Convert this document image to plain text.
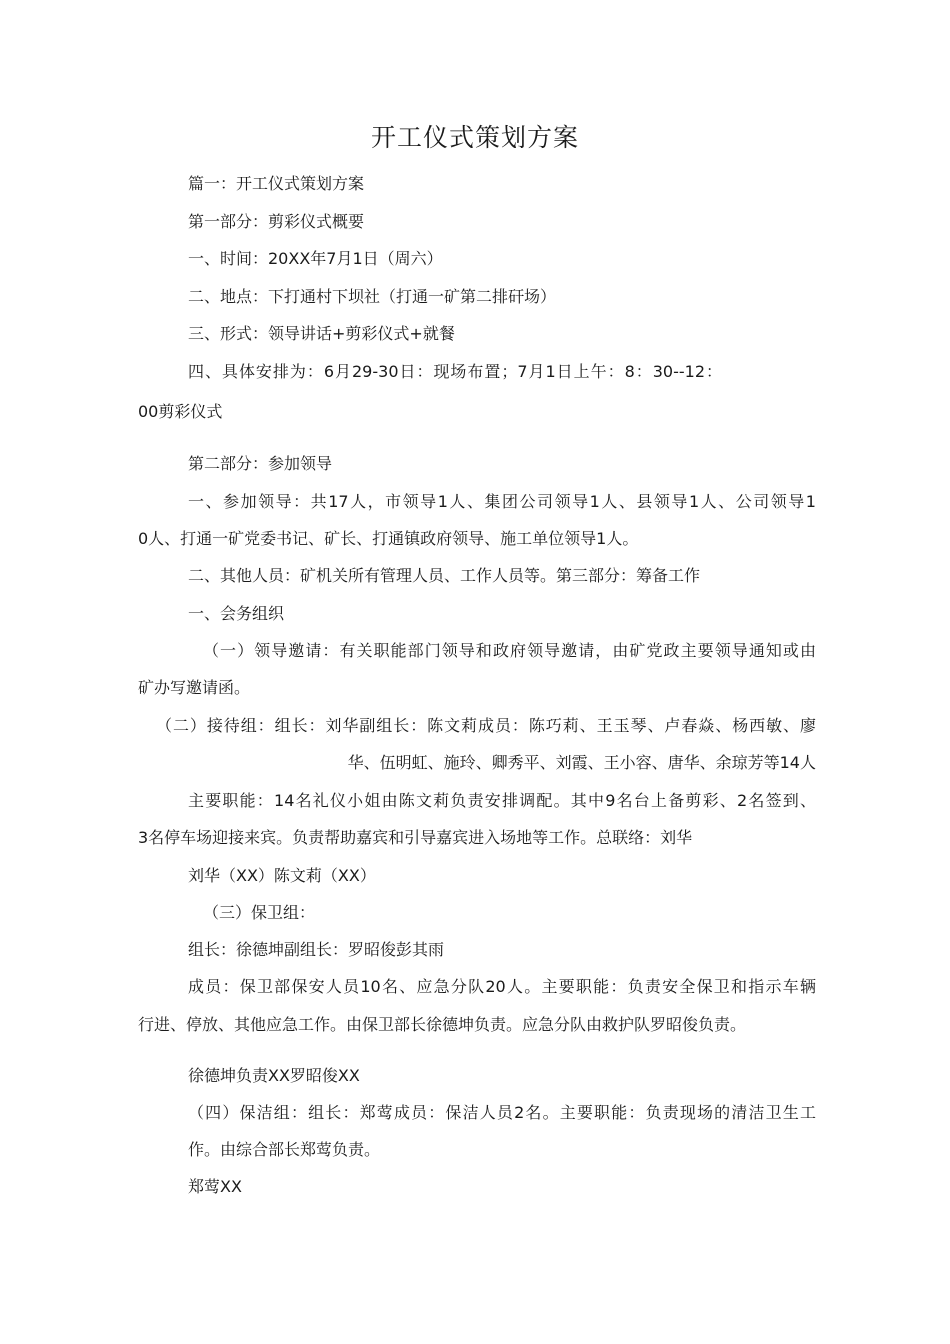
开工仪式策划方案
篇一：开工仪式策划方案
第一部分：剪彩仪式概要
一、时间：20XX年7月1日（周六）
二、地点：下打通村下坝社（打通一矿第二排矸场）
三、形式：领导讲话+剪彩仪式+就餐
四、具体安排为：6月29-30日：现场布置；7月1日上午：8：30--12：
00剪彩仪式
第二部分：参加领导
一、参加领导：共17人，市领导1人、集团公司领导1人、县领导1人、公司领导1
0人、打通一矿党委书记、矿长、打通镇政府领导、施工单位领导1人。
二、其他人员：矿机关所有管理人员、工作人员等。第三部分：筹备工作
一、会务组织
（一）领导邀请：有关职能部门领导和政府领导邀请，由矿党政主要领导通知或由
矿办写邀请函。
（二）接待组：组长：刘华副组长：陈文莉成员：陈巧莉、王玉琴、卢春焱、杨西敏、廖
华、伍明虹、施玲、卿秀平、刘霞、王小容、唐华、余琼芳等14人
主要职能：14名礼仪小姐由陈文莉负责安排调配。其中9名台上备剪彩、2名签到、
3名停车场迎接来宾。负责帮助嘉宾和引导嘉宾进入场地等工作。总联络：刘华
刘华（XX）陈文莉（XX）
（三）保卫组：
组长：徐德坤副组长：罗昭俊彭其雨
成员：保卫部保安人员10名、应急分队20人。主要职能：负责安全保卫和指示车辆
行进、停放、其他应急工作。由保卫部长徐德坤负责。应急分队由救护队罗昭俊负责。
徐德坤负责XX罗昭俊XX
（四）保洁组：组长：郑莺成员：保洁人员2名。主要职能：负责现场的清洁卫生工
作。由综合部长郑莺负责。
郑莺XX
